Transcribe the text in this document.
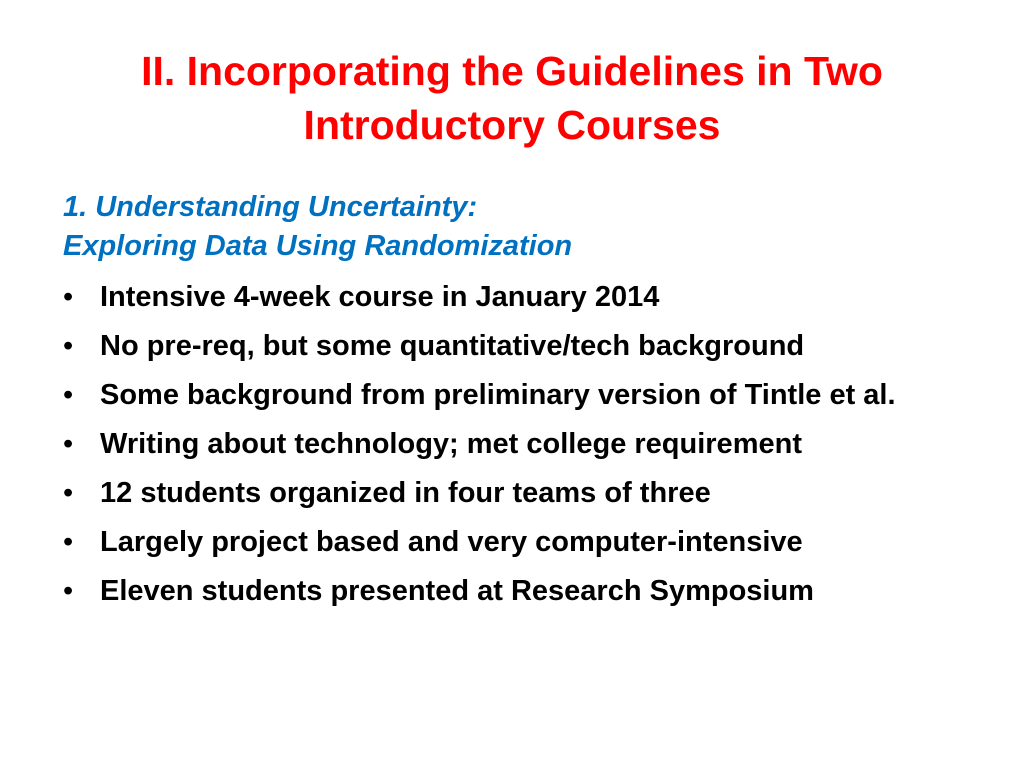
II. Incorporating the Guidelines in Two
Introductory Courses
1. Understanding Uncertainty:
Exploring Data Using Randomization
• Intensive 4-week course in January 2014
• No pre-req, but some quantitative/tech background
• Some background from preliminary version of Tintle et al.
• Writing about technology; met college requirement
• 12 students organized in four teams of three
• Largely project based and very computer-intensive
• Eleven students presented at Research Symposium
